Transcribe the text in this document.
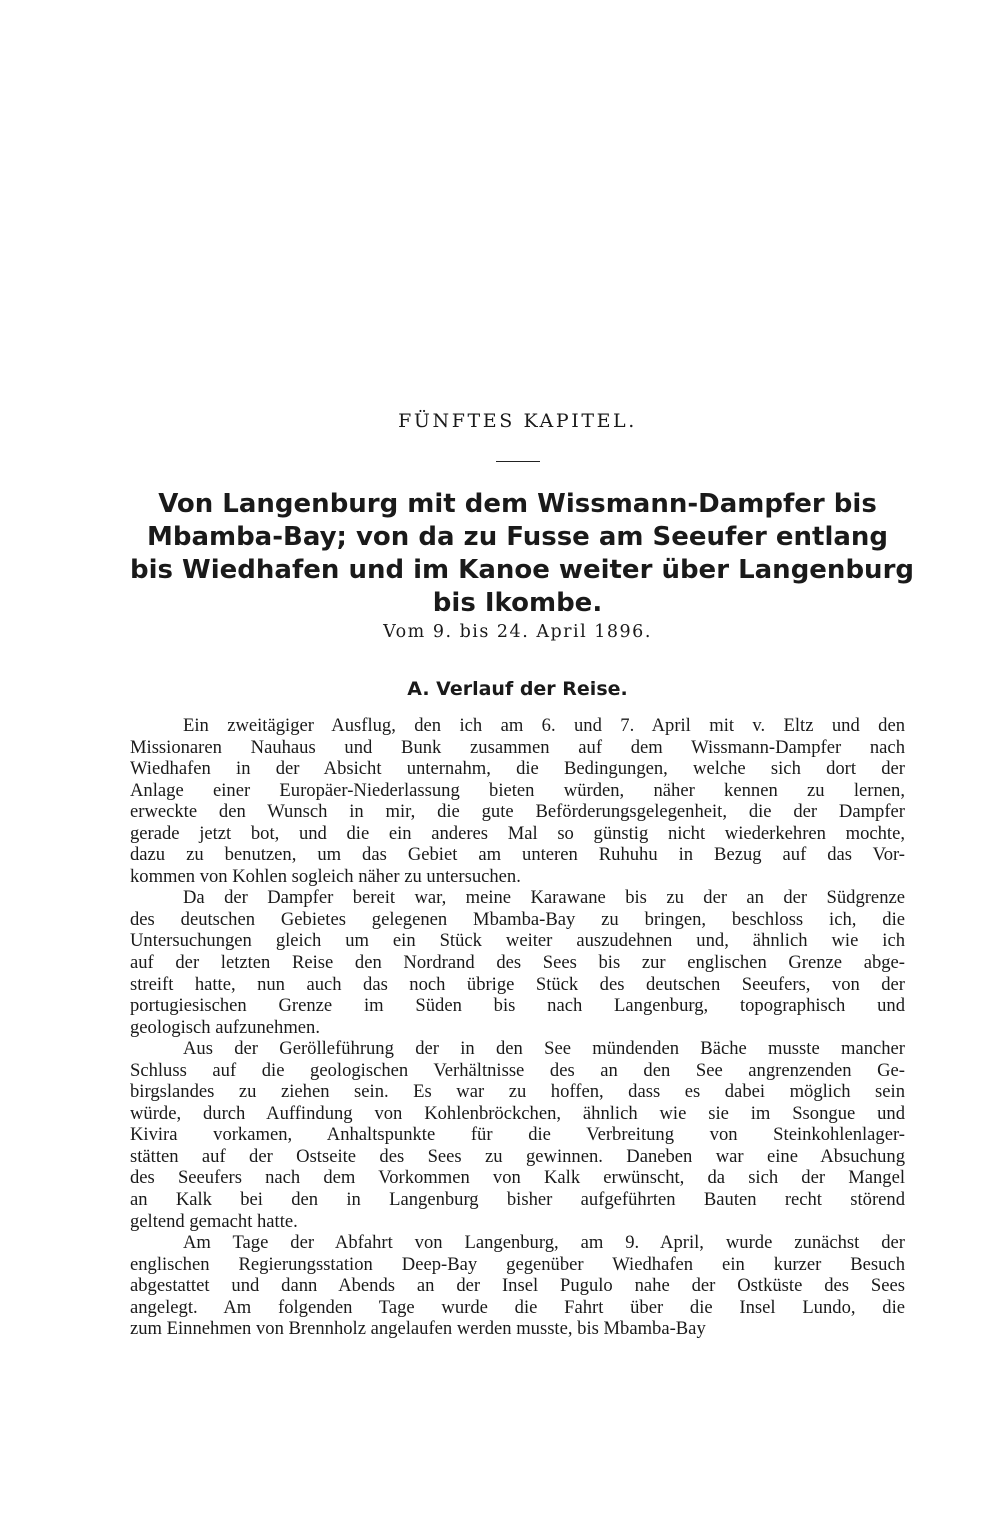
FÜNFTES KAPITEL.
Von Langenburg mit dem Wissmann-Dampfer bis
Mbamba-Bay; von da zu Fusse am Seeufer entlang
bis Wiedhafen und im Kanoe weiter über Langenburg
bis Ikombe.
Vom 9. bis 24. April 1896.
A. Verlauf der Reise.
Ein zweitägiger Ausflug, den ich am 6. und 7. April mit v. Eltz und den
Missionaren Nauhaus und Bunk zusammen auf dem Wissmann-Dampfer nach
Wiedhafen in der Absicht unternahm, die Bedingungen, welche sich dort der
Anlage einer Europäer-Niederlassung bieten würden, näher kennen zu lernen,
erweckte den Wunsch in mir, die gute Beförderungsgelegenheit, die der Dampfer
gerade jetzt bot, und die ein anderes Mal so günstig nicht wiederkehren mochte,
dazu zu benutzen, um das Gebiet am unteren Ruhuhu in Bezug auf das Vor-
kommen von Kohlen sogleich näher zu untersuchen.
Da der Dampfer bereit war, meine Karawane bis zu der an der Südgrenze
des deutschen Gebietes gelegenen Mbamba-Bay zu bringen, beschloss ich, die
Untersuchungen gleich um ein Stück weiter auszudehnen und, ähnlich wie ich
auf der letzten Reise den Nordrand des Sees bis zur englischen Grenze abge-
streift hatte, nun auch das noch übrige Stück des deutschen Seeufers, von der
portugiesischen Grenze im Süden bis nach Langenburg, topographisch und
geologisch aufzunehmen.
Aus der Gerölleführung der in den See mündenden Bäche musste mancher
Schluss auf die geologischen Verhältnisse des an den See angrenzenden Ge-
birgslandes zu ziehen sein. Es war zu hoffen, dass es dabei möglich sein
würde, durch Auffindung von Kohlenbröckchen, ähnlich wie sie im Ssongue und
Kivira vorkamen, Anhaltspunkte für die Verbreitung von Steinkohlenlager-
stätten auf der Ostseite des Sees zu gewinnen. Daneben war eine Absuchung
des Seeufers nach dem Vorkommen von Kalk erwünscht, da sich der Mangel
an Kalk bei den in Langenburg bisher aufgeführten Bauten recht störend
geltend gemacht hatte.
Am Tage der Abfahrt von Langenburg, am 9. April, wurde zunächst der
englischen Regierungsstation Deep-Bay gegenüber Wiedhafen ein kurzer Besuch
abgestattet und dann Abends an der Insel Pugulo nahe der Ostküste des Sees
angelegt. Am folgenden Tage wurde die Fahrt über die Insel Lundo, die
zum Einnehmen von Brennholz angelaufen werden musste, bis Mbamba-Bay
